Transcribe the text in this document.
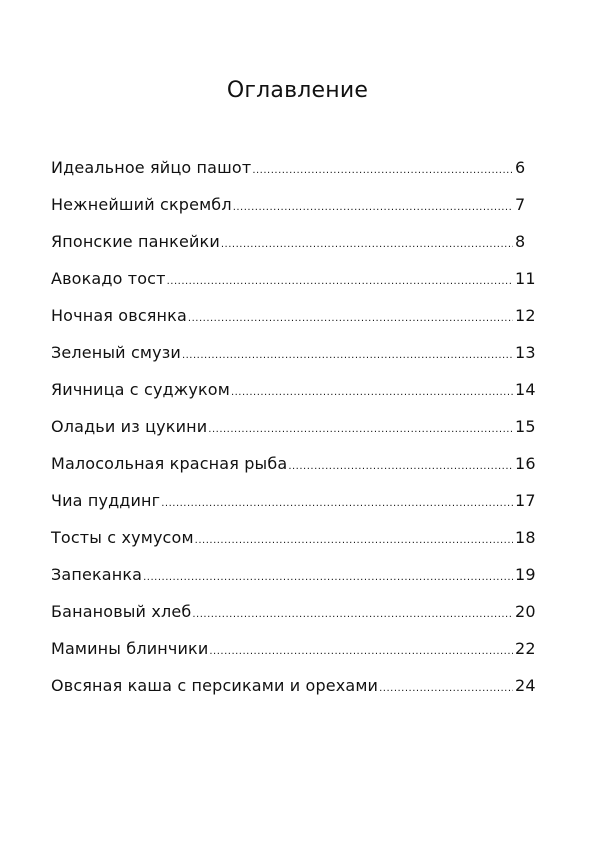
Оглавление
Идеальное яйцо пашот .....	6
Нежнейший скрембл .....	7
Японские панкейки .....	8
Авокадо тост .....	11
Ночная овсянка .....	12
Зеленый смузи .....	13
Яичница с суджуком .....	14
Оладьи из цукини .....	15
Малосольная красная рыба .....	16
Чиа пуддинг .....	17
Тосты с хумусом .....	18
Запеканка .....	19
Банановый хлеб .....	20
Мамины блинчики .....	22
Овсяная каша с персиками и орехами .....	24
